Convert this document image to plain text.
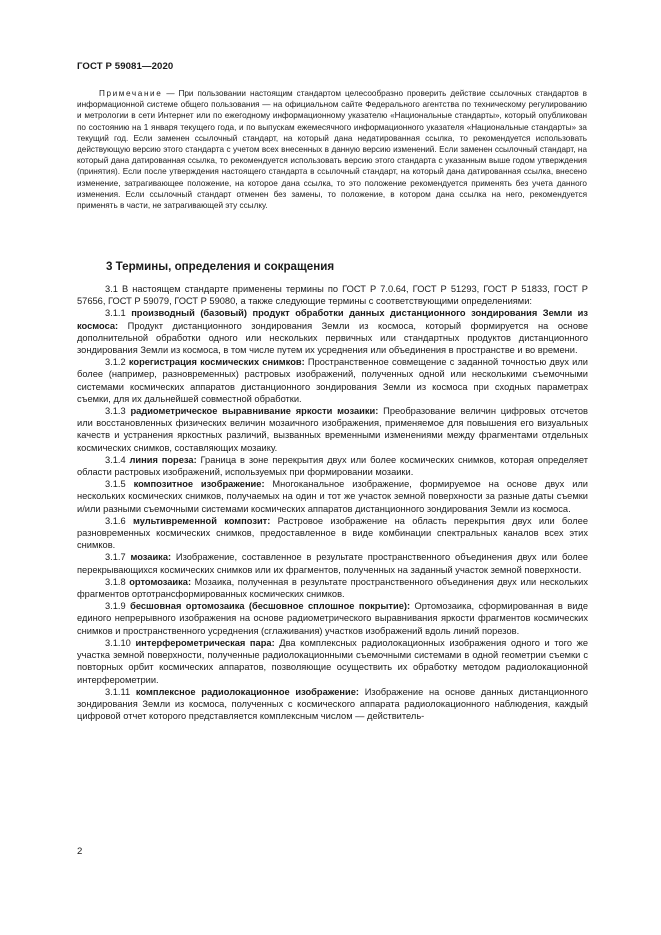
ГОСТ Р 59081—2020

Примечание — При пользовании настоящим стандартом целесообразно проверить действие ссылочных стандартов в информационной системе общего пользования — на официальном сайте Федерального агентства по техническому регулированию и метрологии в сети Интернет или по ежегодному информационному указателю «Национальные стандарты», который опубликован по состоянию на 1 января текущего года, и по выпускам ежемесячного информационного указателя «Национальные стандарты» за текущий год. Если заменен ссылочный стандарт, на который дана недатированная ссылка, то рекомендуется использовать действующую версию этого стандарта с учетом всех внесенных в данную версию изменений. Если заменен ссылочный стандарт, на который дана датированная ссылка, то рекомендуется использовать версию этого стандарта с указанным выше годом утверждения (принятия). Если после утверждения настоящего стандарта в ссылочный стандарт, на который дана датированная ссылка, внесено изменение, затрагивающее положение, на которое дана ссылка, то это положение рекомендуется применять без учета данного изменения. Если ссылочный стандарт отменен без замены, то положение, в котором дана ссылка на него, рекомендуется применять в части, не затрагивающей эту ссылку.

3 Термины, определения и сокращения

3.1 В настоящем стандарте применены термины по ГОСТ Р 7.0.64, ГОСТ Р 51293, ГОСТ Р 51833, ГОСТ Р 57656, ГОСТ Р 59079, ГОСТ Р 59080, а также следующие термины с соответствующими определениями:

3.1.1 производный (базовый) продукт обработки данных дистанционного зондирования Земли из космоса: Продукт дистанционного зондирования Земли из космоса, который формируется на основе дополнительной обработки одного или нескольких первичных или стандартных продуктов дистанционного зондирования Земли из космоса, в том числе путем их усреднения или объединения в пространстве и во времени.

3.1.2 корегистрация космических снимков: Пространственное совмещение с заданной точностью двух или более (например, разновременных) растровых изображений, полученных одной или несколькими съемочными системами космических аппаратов дистанционного зондирования Земли из космоса при сходных параметрах съемки, для их дальнейшей совместной обработки.

3.1.3 радиометрическое выравнивание яркости мозаики: Преобразование величин цифровых отсчетов или восстановленных физических величин мозаичного изображения, применяемое для повышения его визуальных качеств и устранения яркостных различий, вызванных временными изменениями между фрагментами отдельных космических снимков, составляющих мозаику.

3.1.4 линия пореза: Граница в зоне перекрытия двух или более космических снимков, которая определяет области растровых изображений, используемых при формировании мозаики.

3.1.5 композитное изображение: Многоканальное изображение, формируемое на основе двух или нескольких космических снимков, получаемых на один и тот же участок земной поверхности за разные даты съемки и/или разными съемочными системами космических аппаратов дистанционного зондирования Земли из космоса.

3.1.6 мультивременной композит: Растровое изображение на область перекрытия двух или более разновременных космических снимков, предоставленное в виде комбинации спектральных каналов всех этих снимков.

3.1.7 мозаика: Изображение, составленное в результате пространственного объединения двух или более перекрывающихся космических снимков или их фрагментов, полученных на заданный участок земной поверхности.

3.1.8 ортомозаика: Мозаика, полученная в результате пространственного объединения двух или нескольких фрагментов ортотрансформированных космических снимков.

3.1.9 бесшовная ортомозаика (бесшовное сплошное покрытие): Ортомозаика, сформированная в виде единого непрерывного изображения на основе радиометрического выравнивания яркости фрагментов космических снимков и пространственного усреднения (сглаживания) участков изображений вдоль линий порезов.

3.1.10 интерферометрическая пара: Два комплексных радиолокационных изображения одного и того же участка земной поверхности, полученные радиолокационными съемочными системами в одной геометрии съемки с повторных орбит космических аппаратов, позволяющие осуществить их обработку методом радиолокационной интерферометрии.

3.1.11 комплексное радиолокационное изображение: Изображение на основе данных дистанционного зондирования Земли из космоса, полученных с космического аппарата радиолокационного наблюдения, каждый цифровой отчет которого представляется комплексным числом — действитель-

2
